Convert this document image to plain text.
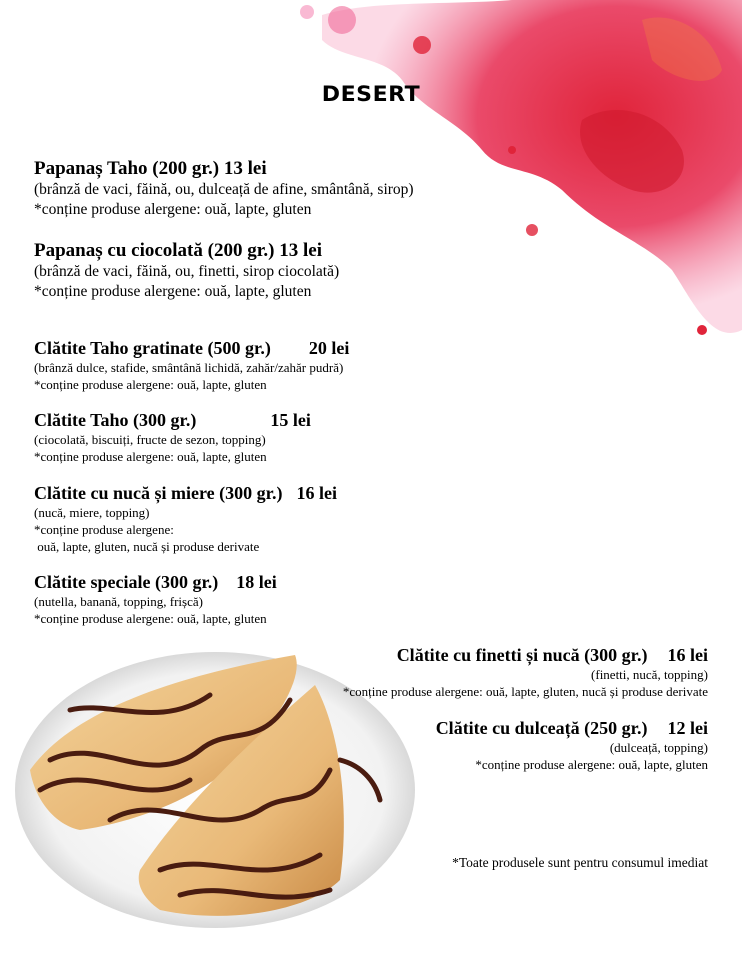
DESERT
Papanaș Taho (200 gr.) 13 lei
(brânză de vaci, făină, ou, dulceață de afine, smântână, sirop)
*conține produse alergene: ouă, lapte, gluten
Papanaș cu ciocolată (200 gr.) 13 lei
(brânză de vaci, făină, ou, finetti, sirop ciocolată)
*conține produse alergene: ouă, lapte, gluten
Clătite Taho gratinate (500 gr.) 20 lei
(brânză dulce, stafide, smântână lichidă, zahăr/zahăr pudră)
*conține produse alergene: ouă, lapte, gluten
Clătite Taho (300 gr.)	15 lei
(ciocolată, biscuiți, fructe de sezon, topping)
*conține produse alergene: ouă, lapte, gluten
Clătite cu nucă și miere (300 gr.) 16 lei
(nucă, miere, topping)
*conține produse alergene:
ouă, lapte, gluten, nucă și produse derivate
Clătite speciale (300 gr.) 18 lei
(nutella, banană, topping, frișcă)
*conține produse alergene: ouă, lapte, gluten
Clătite cu finetti și nucă (300 gr.) 16 lei
(finetti, nucă, topping)
*conține produse alergene: ouă, lapte, gluten, nucă și produse derivate
Clătite cu dulceață (250 gr.) 12 lei
(dulceață, topping)
*conține produse alergene: ouă, lapte, gluten
*Toate produsele sunt pentru consumul imediat
